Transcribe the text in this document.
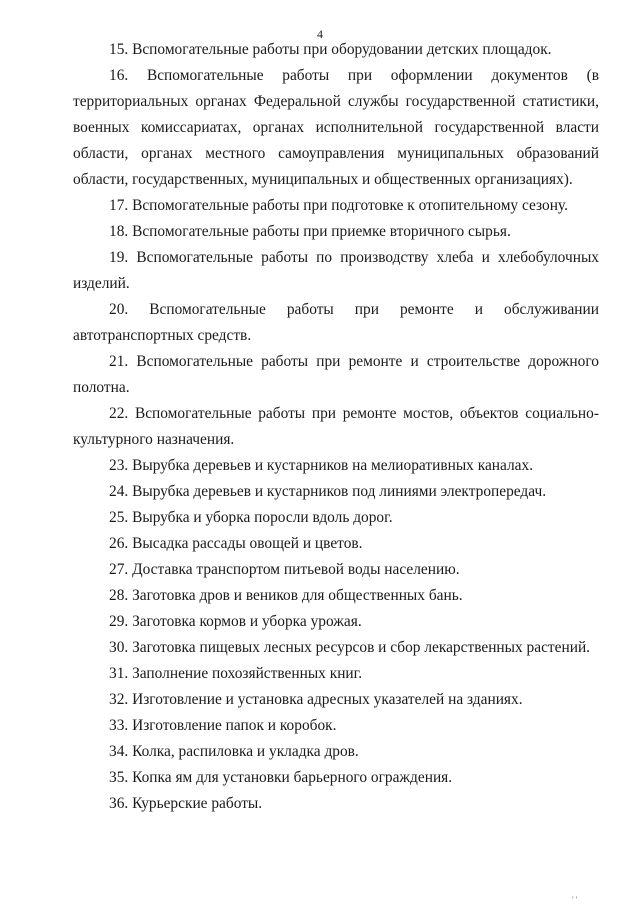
4

15. Вспомогательные работы при оборудовании детских площадок.

16. Вспомогательные работы при оформлении документов (в территориальных органах Федеральной службы государственной статистики, военных комиссариатах, органах исполнительной государственной власти области, органах местного самоуправления муниципальных образований области, государственных, муниципальных и общественных организациях).

17. Вспомогательные работы при подготовке к отопительному сезону.

18. Вспомогательные работы при приемке вторичного сырья.

19. Вспомогательные работы по производству хлеба и хлебобулочных изделий.

20. Вспомогательные работы при ремонте и обслуживании автотранспортных средств.

21. Вспомогательные работы при ремонте и строительстве дорожного полотна.

22. Вспомогательные работы при ремонте мостов, объектов социально-культурного назначения.

23. Вырубка деревьев и кустарников на мелиоративных каналах.

24. Вырубка деревьев и кустарников под линиями электропередач.

25. Вырубка и уборка поросли вдоль дорог.

26. Высадка рассады овощей и цветов.

27. Доставка транспортом питьевой воды населению.

28. Заготовка дров и веников для общественных бань.

29. Заготовка кормов и уборка урожая.

30. Заготовка пищевых лесных ресурсов и сбор лекарственных растений.

31. Заполнение похозяйственных книг.

32. Изготовление и установка адресных указателей на зданиях.

33. Изготовление папок и коробок.

34. Колка, распиловка и укладка дров.

35. Копка ям для установки барьерного ограждения.

36. Курьерские работы.

' '
